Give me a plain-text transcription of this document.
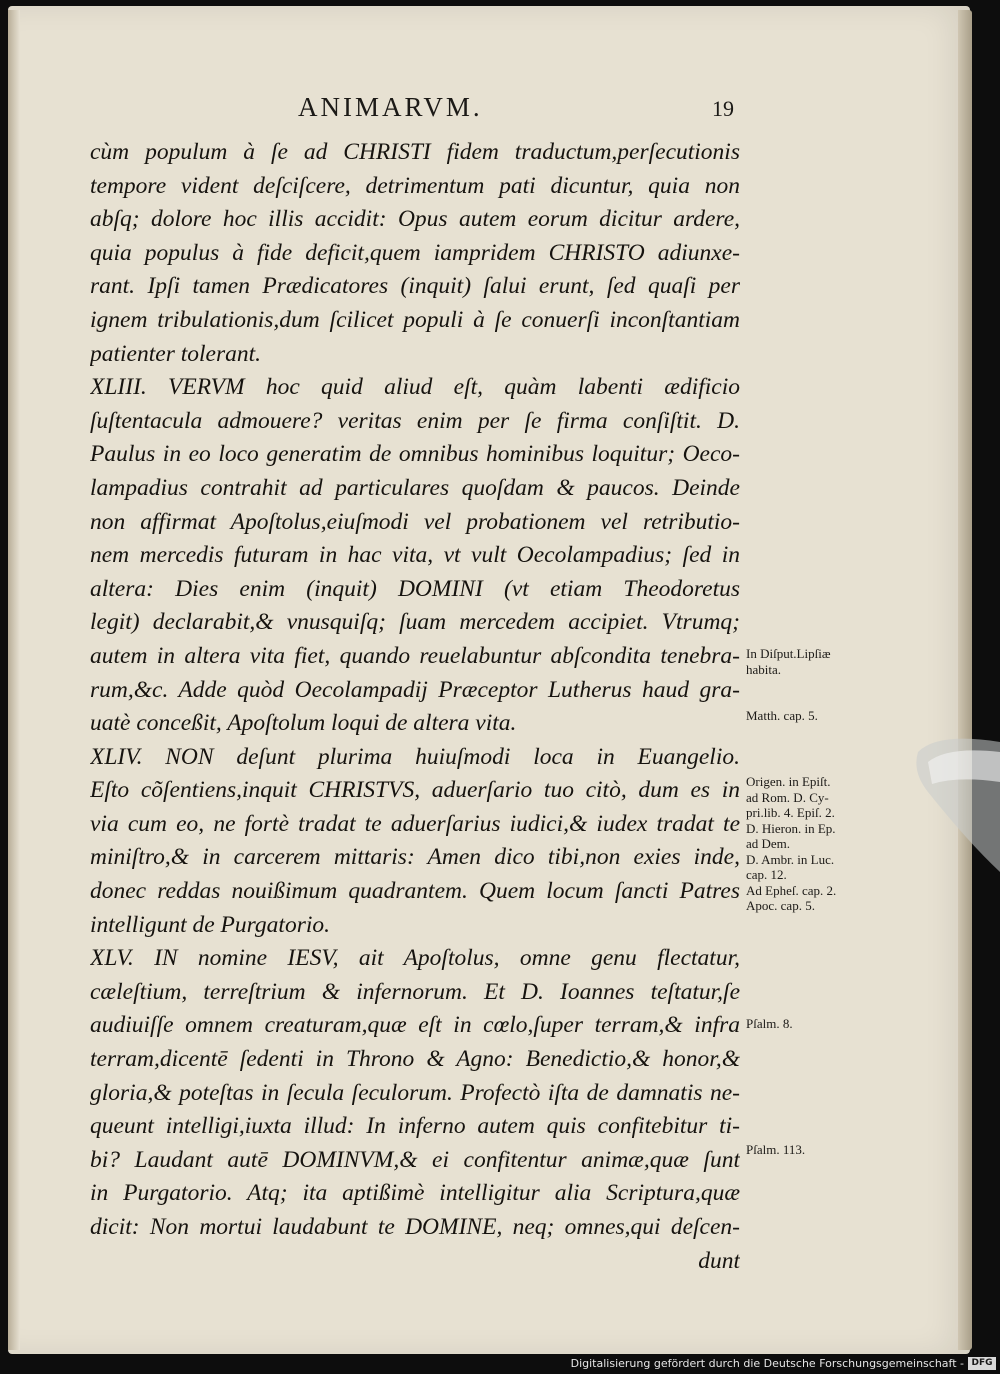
ANIMARVM.	19
cùm populum à ſe ad CHRISTI fidem traductum,perſecutionis
tempore vident deſciſcere, detrimentum pati dicuntur, quia non
abſq; dolore hoc illis accidit: Opus autem eorum dicitur ardere,
quia populus à fide deficit,quem iampridem CHRISTO adiunxe-
rant. Ipſi tamen Prædicatores (inquit) ſalui erunt, ſed quaſi per
ignem tribulationis,dum ſcilicet populi à ſe conuerſi inconſtantiam
patienter tolerant.
XLIII. VERVM hoc quid aliud eſt, quàm labenti ædificio
ſuſtentacula admouere? veritas enim per ſe firma conſiſtit. D.
Paulus in eo loco generatim de omnibus hominibus loquitur; Oeco-
lampadius contrahit ad particulares quoſdam & paucos. Deinde
non affirmat Apoſtolus,eiuſmodi vel probationem vel retributio-
nem mercedis futuram in hac vita, vt vult Oecolampadius; ſed in
altera: Dies enim (inquit) DOMINI (vt etiam Theodoretus
legit) declarabit,& vnusquiſq; ſuam mercedem accipiet. Vtrumq;
autem in altera vita fiet, quando reuelabuntur abſcondita tenebra-
rum,&c. Adde quòd Oecolampadij Præceptor Lutherus haud gra-
uatè conceßit, Apoſtolum loqui de altera vita.
XLIV. NON deſunt plurima huiuſmodi loca in Euangelio.
Eſto cõſentiens,inquit CHRISTVS, aduerſario tuo citò, dum es in
via cum eo, ne fortè tradat te aduerſarius iudici,& iudex tradat te
miniſtro,& in carcerem mittaris: Amen dico tibi,non exies inde,
donec reddas nouißimum quadrantem. Quem locum ſancti Patres
intelligunt de Purgatorio.
XLV. IN nomine IESV, ait Apoſtolus, omne genu flectatur,
cæleſtium, terreſtrium & infernorum. Et D. Ioannes teſtatur,ſe
audiuiſſe omnem creaturam,quæ eſt in cœlo,ſuper terram,& infra
terram,dicentē ſedenti in Throno & Agno: Benedictio,& honor,&
gloria,& poteſtas in ſecula ſeculorum. Profectò iſta de damnatis ne-
queunt intelligi,iuxta illud: In inferno autem quis confitebitur ti-
bi? Laudant autē DOMINVM,& ei confitentur animæ,quæ ſunt
in Purgatorio. Atq; ita aptißimè intelligitur alia Scriptura,quæ
dicit: Non mortui laudabunt te DOMINE, neq; omnes,qui deſcen-
dunt
In Diſput.Lipſiæ
habita.
Matth. cap. 5.
Origen. in Epiſt.
ad Rom. D. Cy-
pri.lib. 4. Epiſ. 2.
D. Hieron. in Ep.
ad Dem.
D. Ambr. in Luc.
cap. 12.
Ad Epheſ. cap. 2.
Apoc. cap. 5.
Pſalm. 8.
Pſalm. 113.
Digitalisierung gefördert durch die Deutsche Forschungsgemeinschaft - DFG
